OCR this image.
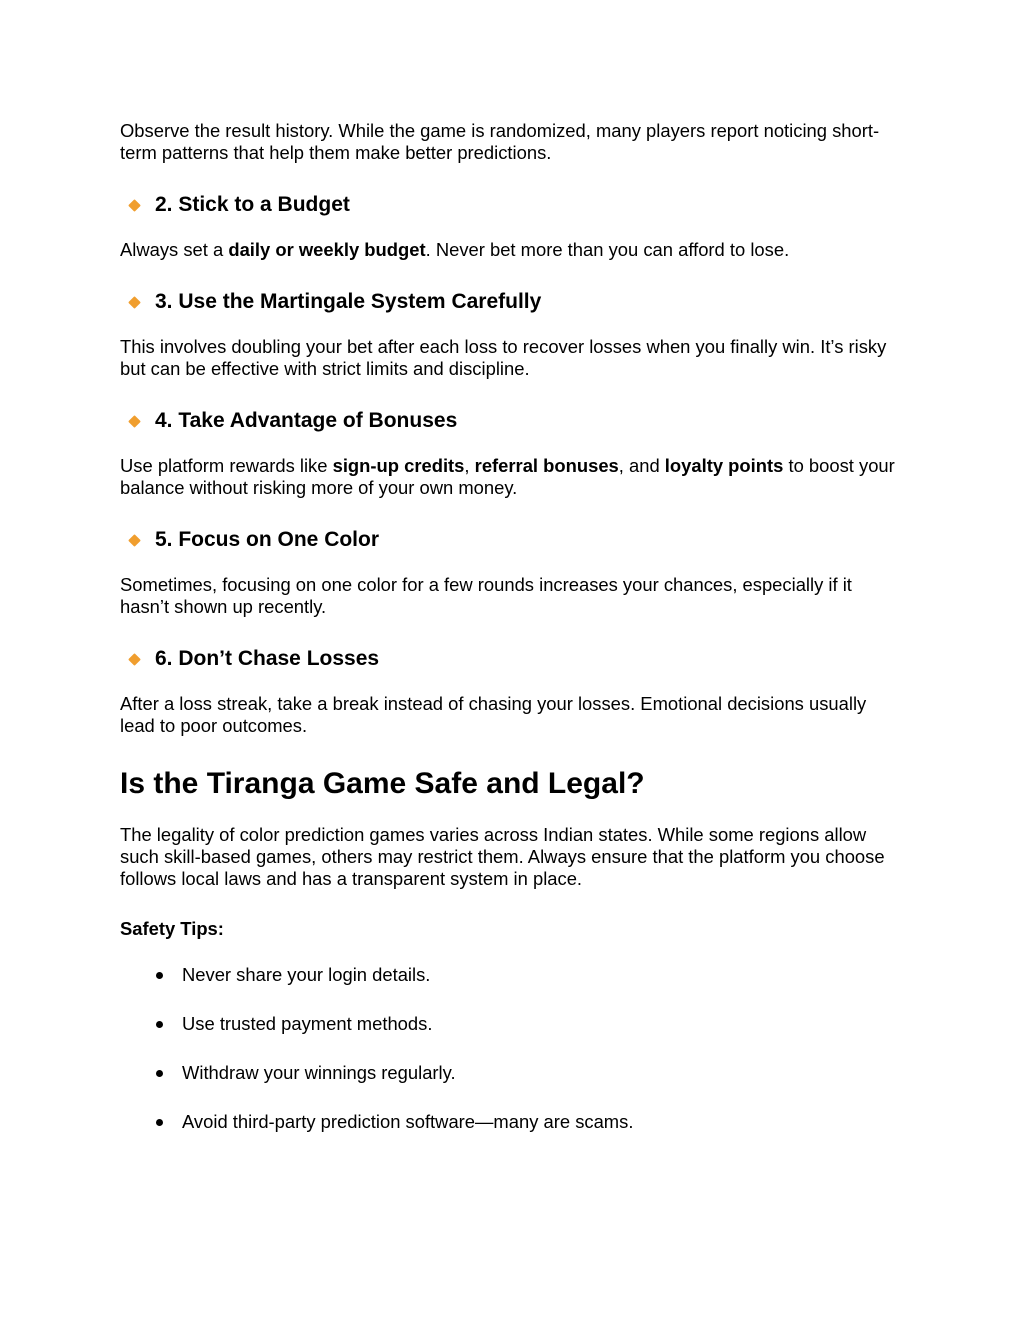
Observe the result history. While the game is randomized, many players report noticing short-term patterns that help them make better predictions.

2. Stick to a Budget

Always set a daily or weekly budget. Never bet more than you can afford to lose.

3. Use the Martingale System Carefully

This involves doubling your bet after each loss to recover losses when you finally win. It’s risky but can be effective with strict limits and discipline.

4. Take Advantage of Bonuses

Use platform rewards like sign-up credits, referral bonuses, and loyalty points to boost your balance without risking more of your own money.

5. Focus on One Color

Sometimes, focusing on one color for a few rounds increases your chances, especially if it hasn’t shown up recently.

6. Don’t Chase Losses

After a loss streak, take a break instead of chasing your losses. Emotional decisions usually lead to poor outcomes.

Is the Tiranga Game Safe and Legal?

The legality of color prediction games varies across Indian states. While some regions allow such skill-based games, others may restrict them. Always ensure that the platform you choose follows local laws and has a transparent system in place.

Safety Tips:

Never share your login details.
Use trusted payment methods.
Withdraw your winnings regularly.
Avoid third-party prediction software—many are scams.
